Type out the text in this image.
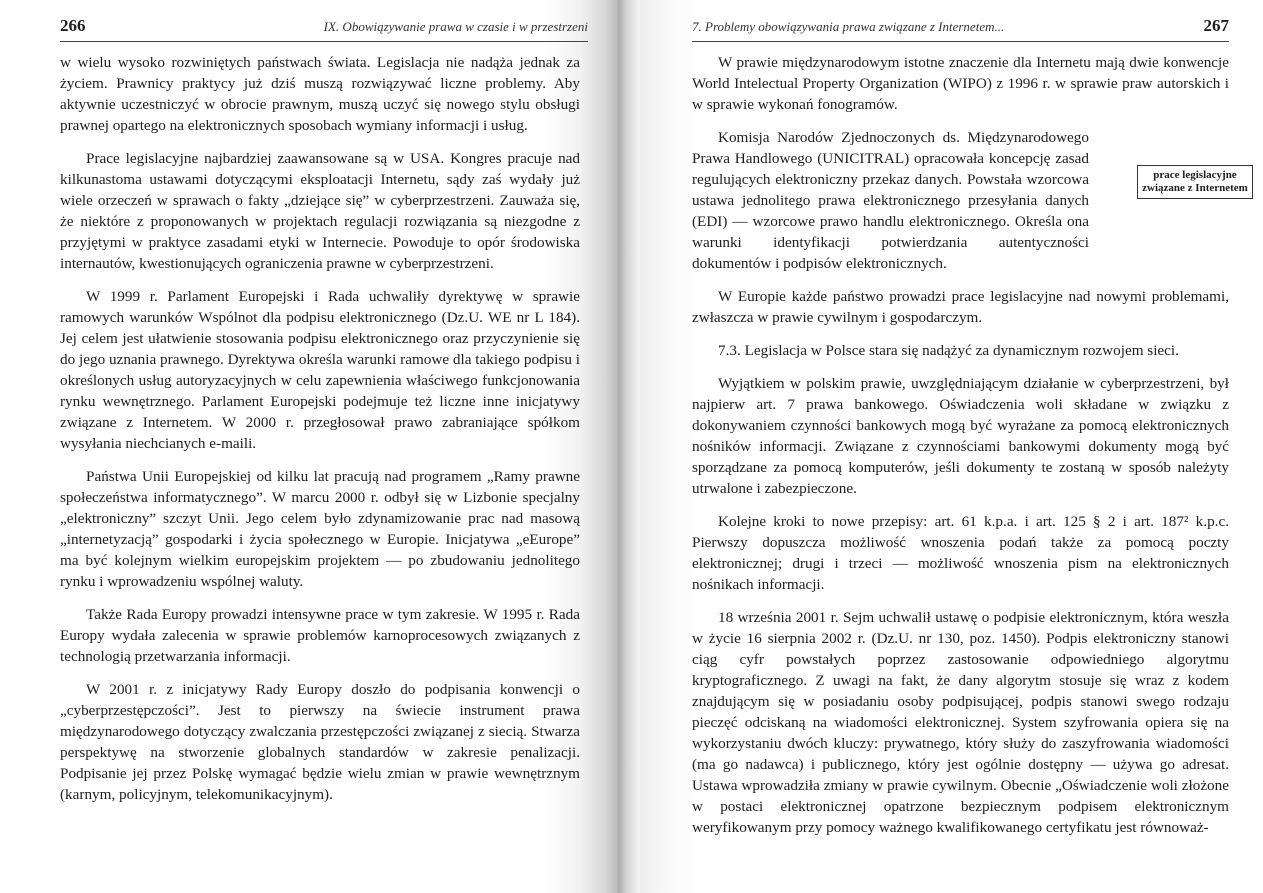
266	IX. Obowiązywanie prawa w czasie i w przestrzeni

w wielu wysoko rozwiniętych państwach świata. Legislacja nie nadąża jednak za życiem. Prawnicy praktycy już dziś muszą rozwiązywać liczne problemy. Aby aktywnie uczestniczyć w obrocie prawnym, muszą uczyć się nowego stylu obsługi prawnej opartego na elektronicznych sposobach wymiany informacji i usług.

Prace legislacyjne najbardziej zaawansowane są w USA. Kongres pracuje nad kilkunastoma ustawami dotyczącymi eksploatacji Internetu, sądy zaś wydały już wiele orzeczeń w sprawach o fakty „dziejące się” w cyberprzestrzeni. Zauważa się, że niektóre z proponowanych w projektach regulacji rozwiązania są niezgodne z przyjętymi w praktyce zasadami etyki w Internecie. Powoduje to opór środowiska internautów, kwestionujących ograniczenia prawne w cyberprzestrzeni.

W 1999 r. Parlament Europejski i Rada uchwaliły dyrektywę w sprawie ramowych warunków Wspólnot dla podpisu elektronicznego (Dz.U. WE nr L 184). Jej celem jest ułatwienie stosowania podpisu elektronicznego oraz przyczynienie się do jego uznania prawnego. Dyrektywa określa warunki ramowe dla takiego podpisu i określonych usług autoryzacyjnych w celu zapewnienia właściwego funkcjonowania rynku wewnętrznego. Parlament Europejski podejmuje też liczne inne inicjatywy związane z Internetem. W 2000 r. przegłosował prawo zabraniające spółkom wysyłania niechcianych e-maili.

Państwa Unii Europejskiej od kilku lat pracują nad programem „Ramy prawne społeczeństwa informatycznego”. W marcu 2000 r. odbył się w Lizbonie specjalny „elektroniczny” szczyt Unii. Jego celem było zdynamizowanie prac nad masową „internetyzacją” gospodarki i życia społecznego w Europie. Inicjatywa „eEurope” ma być kolejnym wielkim europejskim projektem — po zbudowaniu jednolitego rynku i wprowadzeniu wspólnej waluty.

Także Rada Europy prowadzi intensywne prace w tym zakresie. W 1995 r. Rada Europy wydała zalecenia w sprawie problemów karnoprocesowych związanych z technologią przetwarzania informacji.

W 2001 r. z inicjatywy Rady Europy doszło do podpisania konwencji o „cyberprzestępczości”. Jest to pierwszy na świecie instrument prawa międzynarodowego dotyczący zwalczania przestępczości związanej z siecią. Stwarza perspektywę na stworzenie globalnych standardów w zakresie penalizacji. Podpisanie jej przez Polskę wymagać będzie wielu zmian w prawie wewnętrznym (karnym, policyjnym, telekomunikacyjnym).

7. Problemy obowiązywania prawa związane z Internetem...	267
prace legislacyjne związane z Internetem

W prawie międzynarodowym istotne znaczenie dla Internetu mają dwie konwencje World Intelectual Property Organization (WIPO) z 1996 r. w sprawie praw autorskich i w sprawie wykonań fonogramów.

Komisja Narodów Zjednoczonych ds. Międzynarodowego Prawa Handlowego (UNICITRAL) opracowała koncepcję zasad regulujących elektroniczny przekaz danych. Powstała wzorcowa ustawa jednolitego prawa elektronicznego przesyłania danych (EDI) — wzorcowe prawo handlu elektronicznego. Określa ona warunki identyfikacji potwierdzania autentyczności dokumentów i podpisów elektronicznych.

W Europie każde państwo prowadzi prace legislacyjne nad nowymi problemami, zwłaszcza w prawie cywilnym i gospodarczym.

7.3. Legislacja w Polsce stara się nadążyć za dynamicznym rozwojem sieci.

Wyjątkiem w polskim prawie, uwzględniającym działanie w cyberprzestrzeni, był najpierw art. 7 prawa bankowego. Oświadczenia woli składane w związku z dokonywaniem czynności bankowych mogą być wyrażane za pomocą elektronicznych nośników informacji. Związane z czynnościami bankowymi dokumenty mogą być sporządzane za pomocą komputerów, jeśli dokumenty te zostaną w sposób należyty utrwalone i zabezpieczone.

Kolejne kroki to nowe przepisy: art. 61 k.p.a. i art. 125 § 2 i art. 187² k.p.c. Pierwszy dopuszcza możliwość wnoszenia podań także za pomocą poczty elektronicznej; drugi i trzeci — możliwość wnoszenia pism na elektronicznych nośnikach informacji.

18 września 2001 r. Sejm uchwalił ustawę o podpisie elektronicznym, która weszła w życie 16 sierpnia 2002 r. (Dz.U. nr 130, poz. 1450). Podpis elektroniczny stanowi ciąg cyfr powstałych poprzez zastosowanie odpowiedniego algorytmu kryptograficznego. Z uwagi na fakt, że dany algorytm stosuje się wraz z kodem znajdującym się w posiadaniu osoby podpisującej, podpis stanowi swego rodzaju pieczęć odciskaną na wiadomości elektronicznej. System szyfrowania opiera się na wykorzystaniu dwóch kluczy: prywatnego, który służy do zaszyfrowania wiadomości (ma go nadawca) i publicznego, który jest ogólnie dostępny — używa go adresat. Ustawa wprowadziła zmiany w prawie cywilnym. Obecnie „Oświadczenie woli złożone w postaci elektronicznej opatrzone bezpiecznym podpisem elektronicznym weryfikowanym przy pomocy ważnego kwalifikowanego certyfikatu jest równoważ-
